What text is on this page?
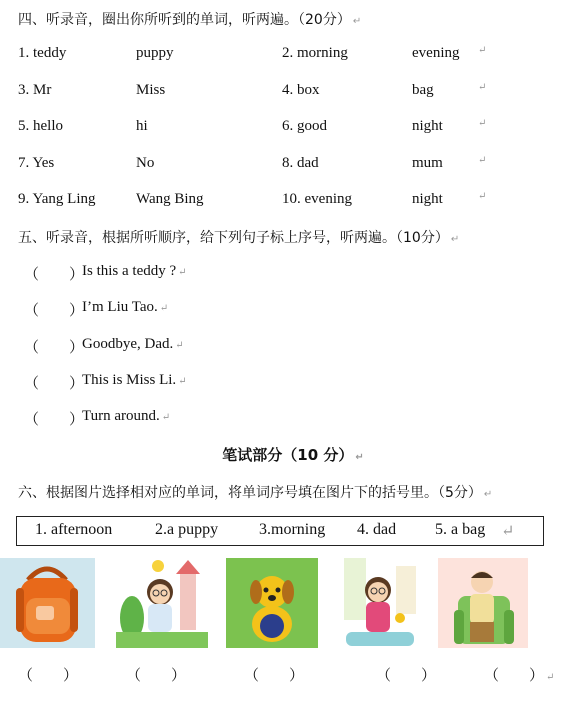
四、听录音，圈出你所听到的单词，听两遍。（20分） ↵
1. teddy	puppy	2. morning	evening ↵
3. Mr	Miss	4. box	bag	↵
5. hello	hi	6. good	night	↵
7. Yes	No	8. dad	mum	↵
9. Yang Ling	Wang Bing	10. evening	night	↵
五、听录音，根据所听顺序，给下列句子标上序号，听两遍。（10分） ↵
（　　）
Is this a teddy ? ↵
（　　）
I’m Liu Tao. ↵
（　　）
Goodbye, Dad. ↵
（　　）
This is Miss Li. ↵
（　　）
Turn around. ↵
笔试部分（10 分） ↵
六、根据图片选择相对应的单词，将单词序号填在图片下的括号里。（5分） ↵
1. afternoon	2.a puppy	3.morning 4. dad 5. a bag ↵
（　　）	（　　）	（　　）	（　　）	（　　） ↵
